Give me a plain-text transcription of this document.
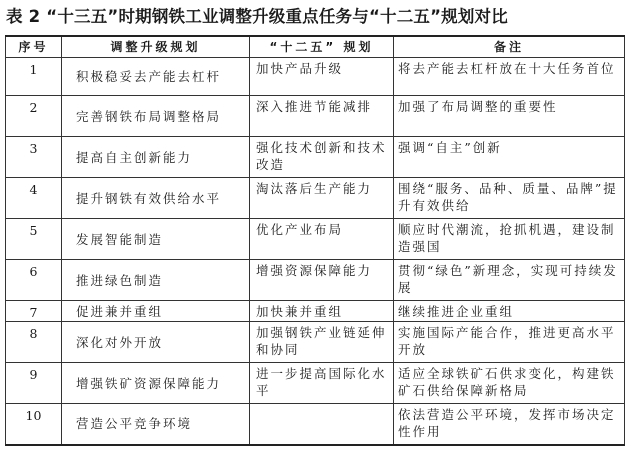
表 2 “十三五”时期钢铁工业调整升级重点任务与“十二五”规划对比
序号	调整升级规划	“十二五” 规划	备注
1	积极稳妥去产能去杠杆	加快产品升级	将去产能去杠杆放在十大任务首位
2	完善钢铁布局调整格局	深入推进节能减排	加强了布局调整的重要性
3	提高自主创新能力	强化技术创新和技术改造	强调“自主”创新
4	提升钢铁有效供给水平	淘汰落后生产能力	围绕“服务、品种、质量、品牌”提升有效供给
5	发展智能制造	优化产业布局	顺应时代潮流，抢抓机遇，建设制造强国
6	推进绿色制造	增强资源保障能力	贯彻“绿色”新理念，实现可持续发展
7	促进兼并重组	加快兼并重组	继续推进企业重组
8	深化对外开放	加强钢铁产业链延伸和协同	实施国际产能合作，推进更高水平开放
9	增强铁矿资源保障能力	进一步提高国际化水平	适应全球铁矿石供求变化，构建铁矿石供给保障新格局
10	营造公平竞争环境		依法营造公平环境，发挥市场决定性作用
